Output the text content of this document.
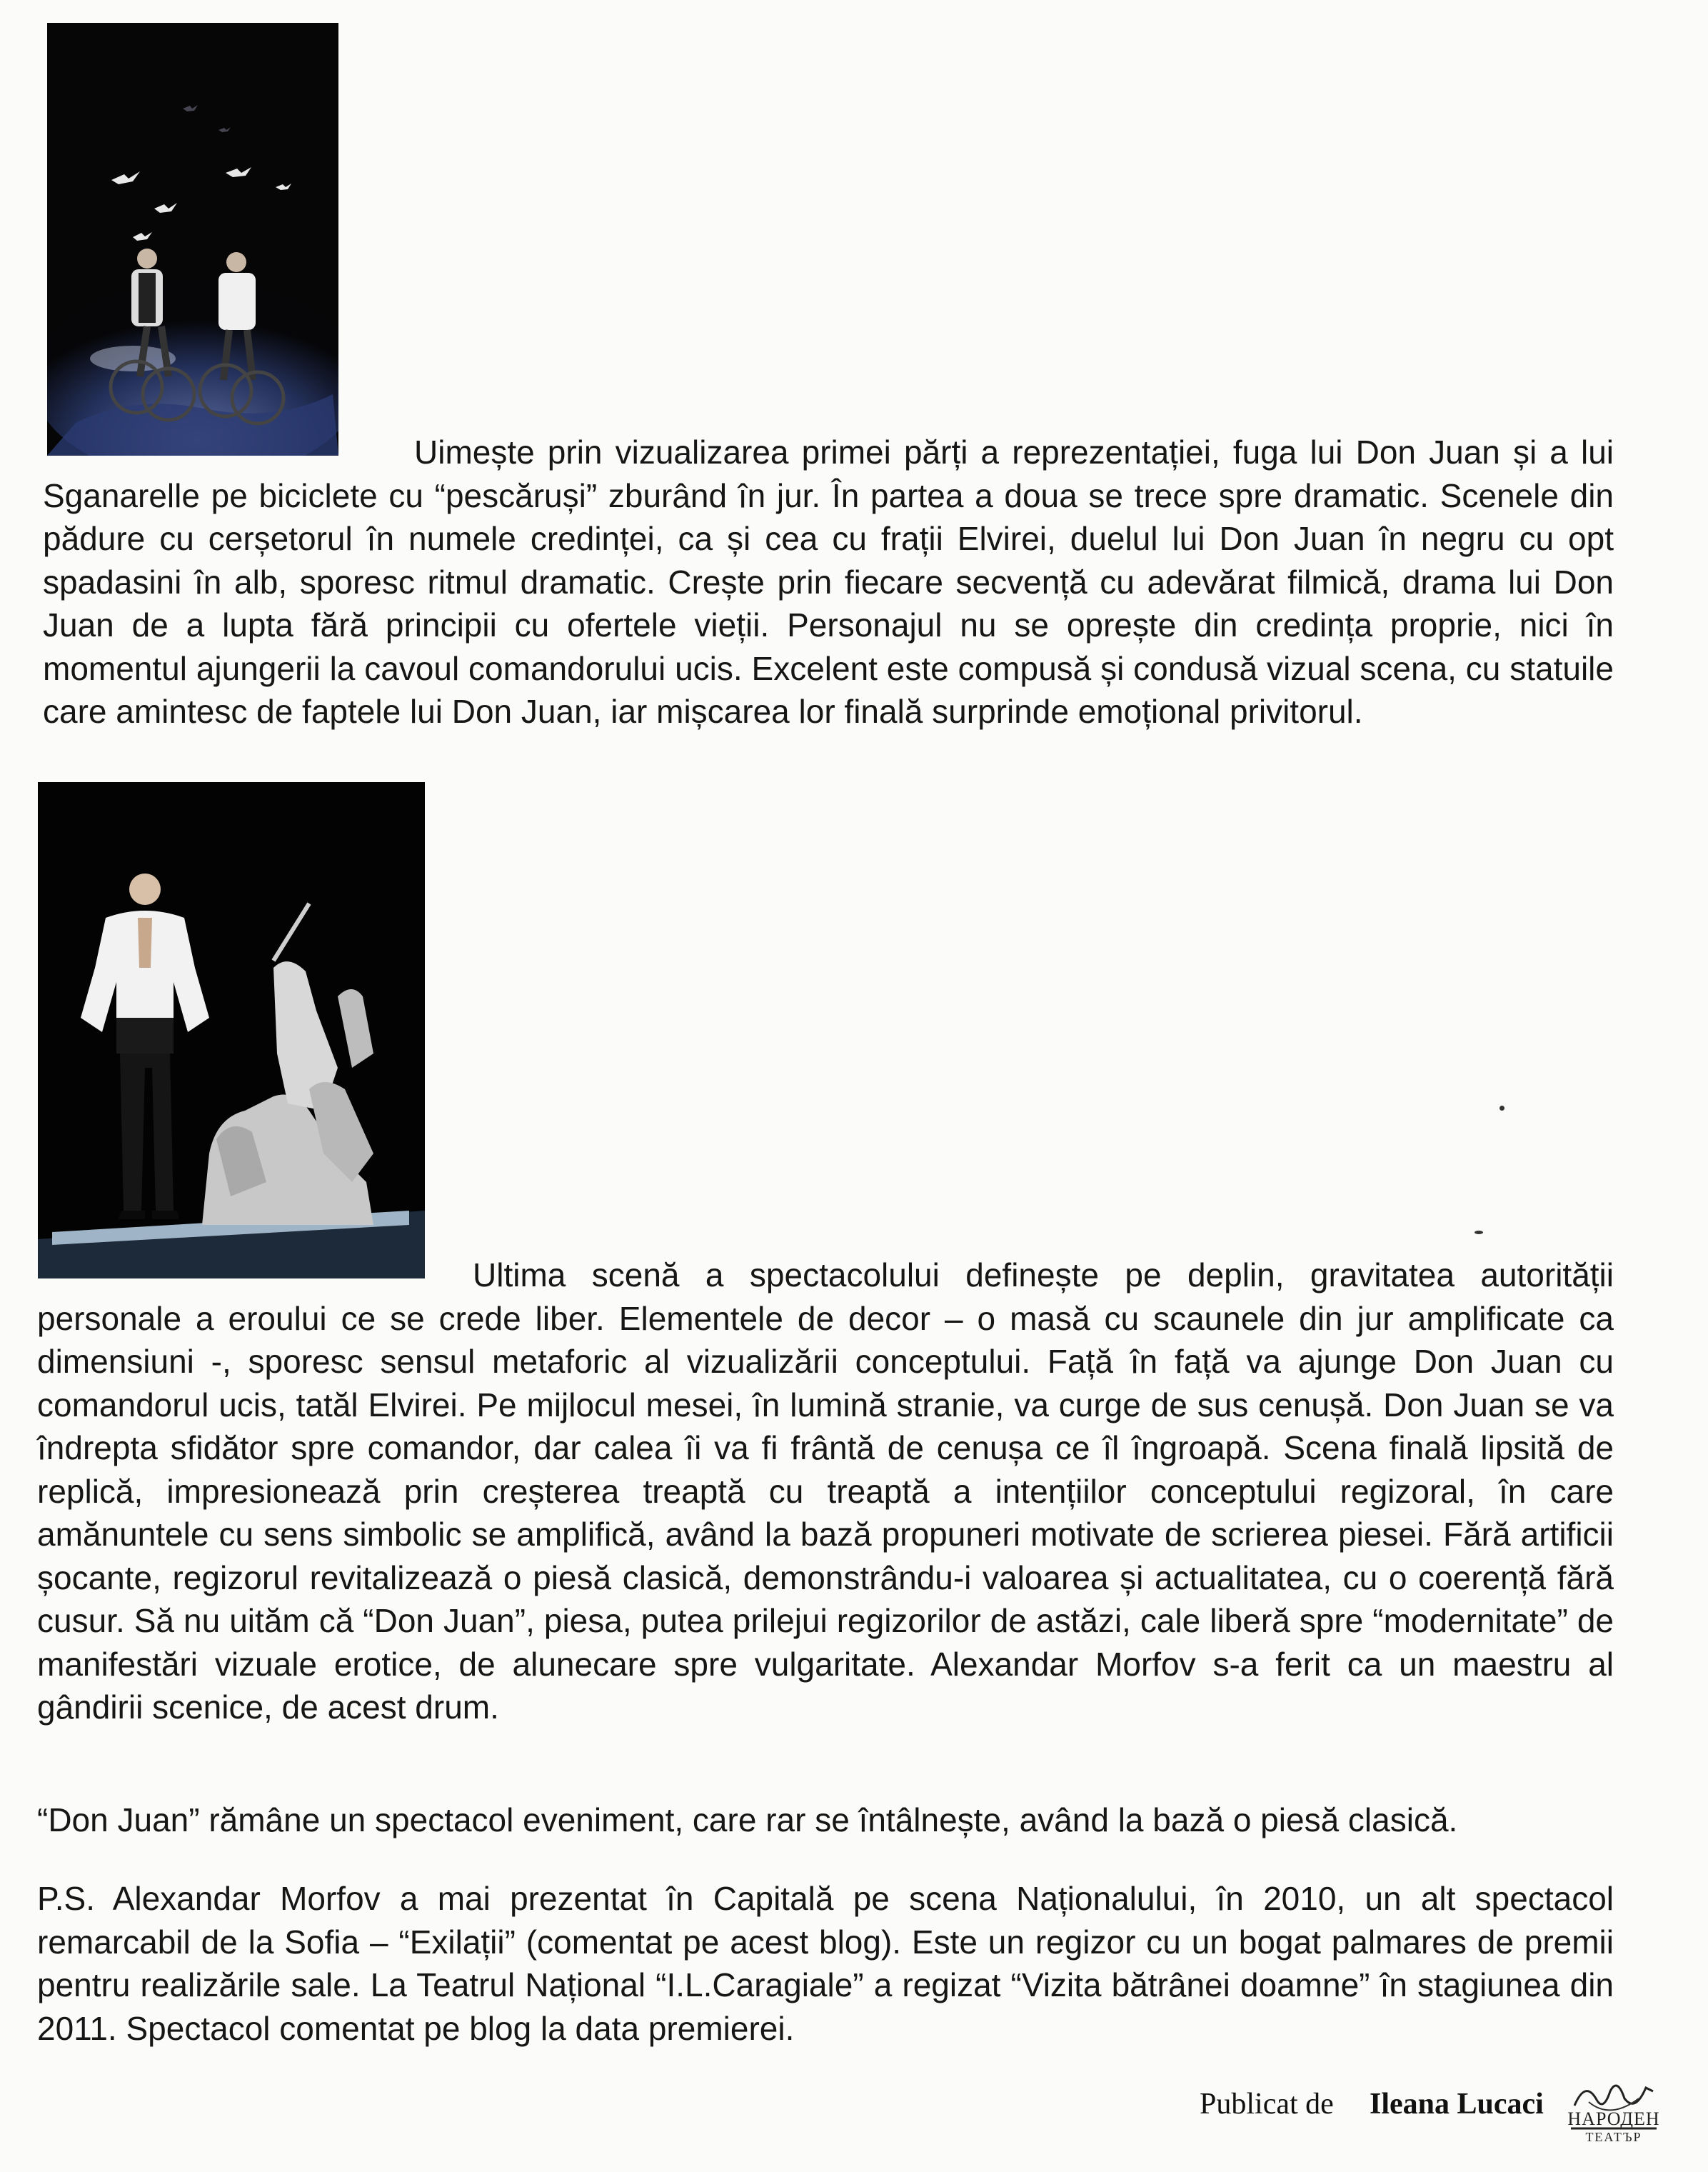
Uimește prin vizualizarea primei părți a reprezentației, fuga lui Don Juan și a lui Sganarelle pe biciclete cu “pescăruși” zburând în jur. În partea a doua se trece spre dramatic. Scenele din pădure cu cerșetorul în numele credinței, ca și cea cu frații Elvirei, duelul lui Don Juan în negru cu opt spadasini în alb, sporesc ritmul dramatic. Crește prin fiecare secvență cu adevărat filmică, drama lui Don Juan de a lupta fără principii cu ofertele vieții. Personajul nu se oprește din credința proprie, nici în momentul ajungerii la cavoul comandorului ucis. Excelent este compusă și condusă vizual scena, cu statuile care amintesc de faptele lui Don Juan, iar mișcarea lor finală surprinde emoțional privitorul.

Ultima scenă a spectacolului definește pe deplin, gravitatea autorității personale a eroului ce se crede liber. Elementele de decor – o masă cu scaunele din jur amplificate ca dimensiuni -, sporesc sensul metaforic al vizualizării conceptului. Față în față va ajunge Don Juan cu comandorul ucis, tatăl Elvirei. Pe mijlocul mesei, în lumină stranie, va curge de sus cenușă. Don Juan se va îndrepta sfidător spre comandor, dar calea îi va fi frântă de cenușa ce îl îngroapă. Scena finală lipsită de replică, impresionează prin creșterea treaptă cu treaptă a intențiilor conceptului regizoral, în care amănuntele cu sens simbolic se amplifică, având la bază propuneri motivate de scrierea piesei. Fără artificii șocante, regizorul revitalizează o piesă clasică, demonstrându-i valoarea și actualitatea, cu o coerență fără cusur. Să nu uităm că “Don Juan”, piesa, putea prilejui regizorilor de astăzi, cale liberă spre “modernitate” de manifestări vizuale erotice, de alunecare spre vulgaritate. Alexandar Morfov s-a ferit ca un maestru al gândirii scenice, de acest drum.

“Don Juan” rămâne un spectacol eveniment, care rar se întâlnește, având la bază o piesă clasică.

P.S. Alexandar Morfov a mai prezentat în Capitală pe scena Naționalului, în 2010, un alt spectacol remarcabil de la Sofia – “Exilații” (comentat pe acest blog). Este un regizor cu un bogat palmares de premii pentru realizările sale. La Teatrul Național “I.L.Caragiale” a regizat “Vizita bătrânei doamne” în stagiunea din 2011. Spectacol comentat pe blog la data premierei.

Publicat de Ileana Lucaci НАРОДЕН
ТЕАТЪР
